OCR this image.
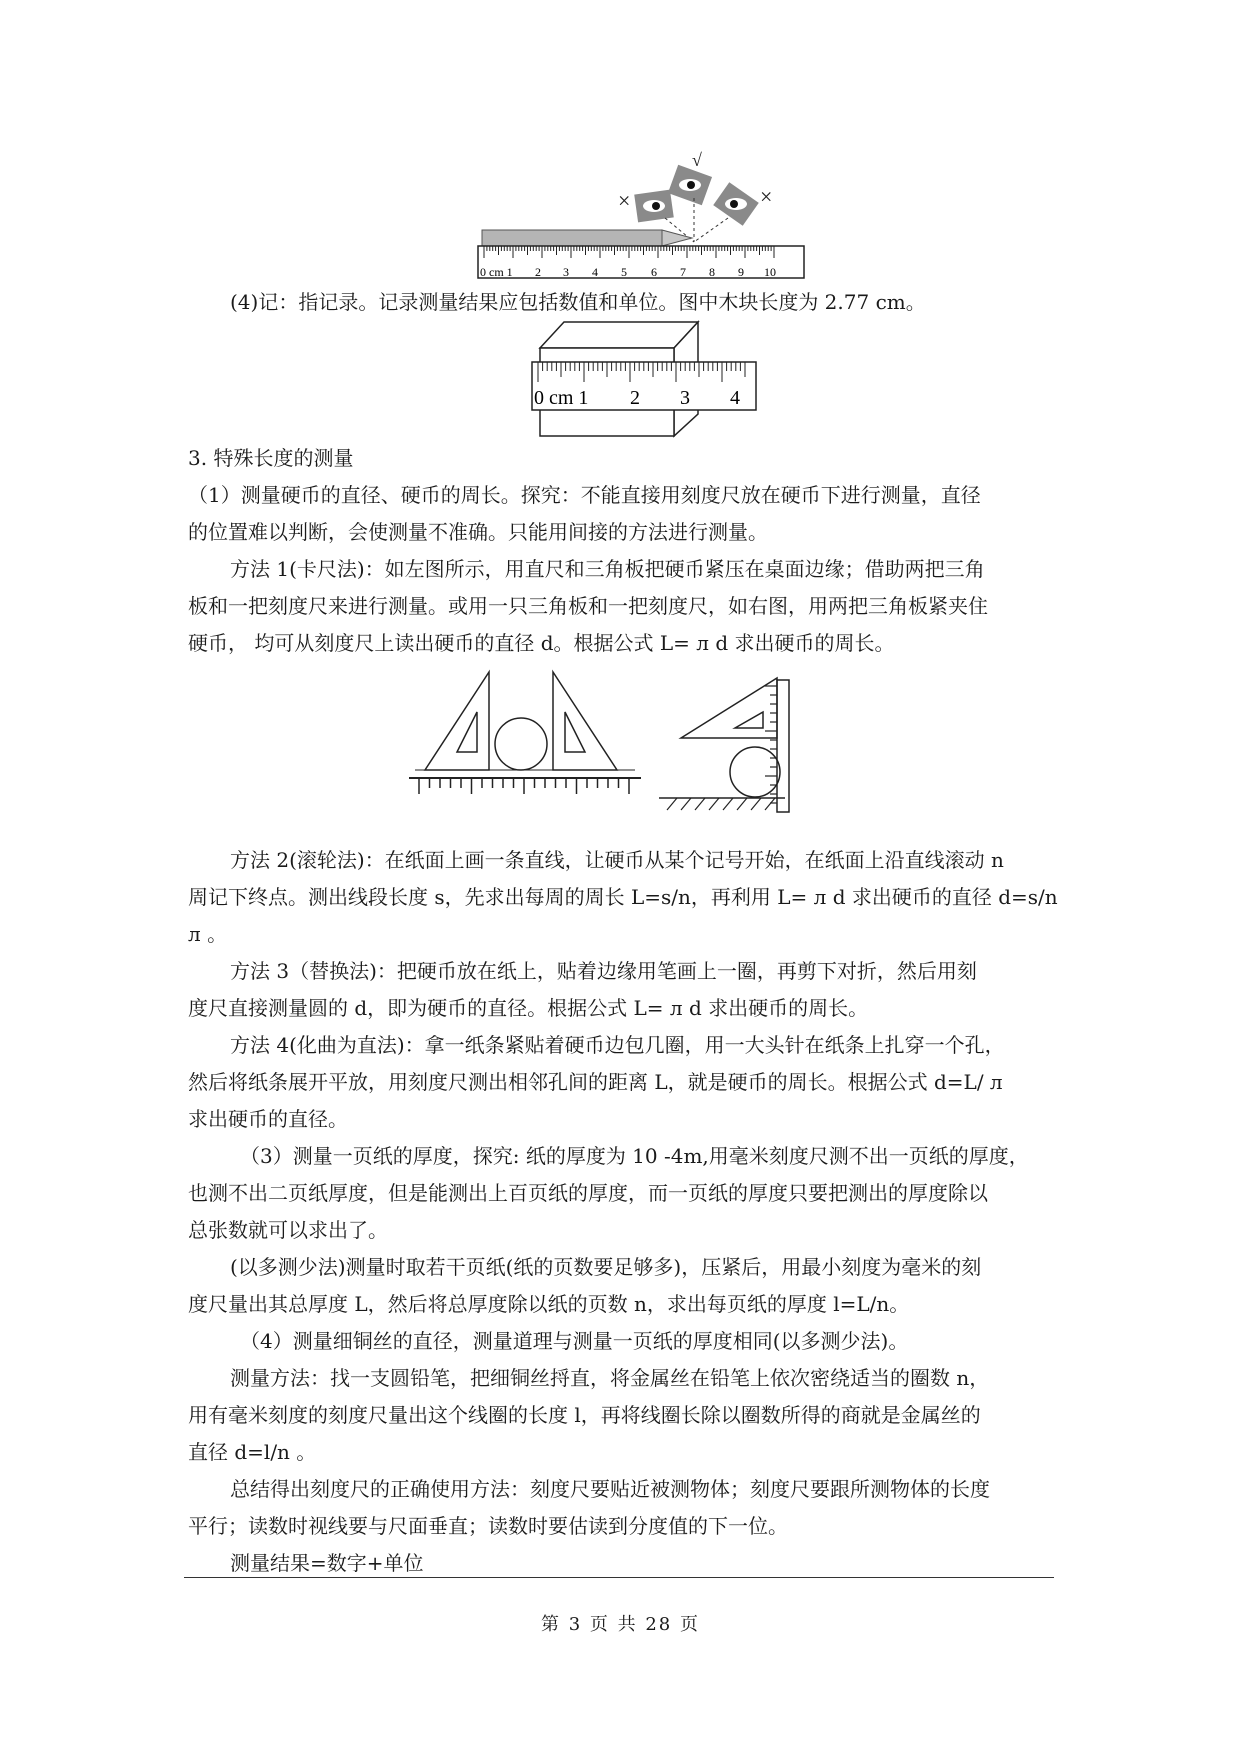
√
×	×
0 cm 1 2 3 4 5 6 7 8 9 10
(4)记：指记录。记录测量结果应包括数值和单位。图中木块长度为 2.77 cm。
0 cm 1 2 3 4
3. 特殊长度的测量
（1）测量硬币的直径、硬币的周长。探究：不能直接用刻度尺放在硬币下进行测量，直径
的位置难以判断，会使测量不准确。只能用间接的方法进行测量。
方法 1(卡尺法)：如左图所示，用直尺和三角板把硬币紧压在桌面边缘；借助两把三角
板和一把刻度尺来进行测量。或用一只三角板和一把刻度尺，如右图，用两把三角板紧夹住
硬币， 均可从刻度尺上读出硬币的直径 d。根据公式 L= л d 求出硬币的周长。
方法 2(滚轮法)：在纸面上画一条直线，让硬币从某个记号开始，在纸面上沿直线滚动 n
周记下终点。测出线段长度 s，先求出每周的周长 L=s/n，再利用 L= л d 求出硬币的直径 d=s/n
л 。
方法 3（替换法)：把硬币放在纸上，贴着边缘用笔画上一圈，再剪下对折，然后用刻
度尺直接测量圆的 d，即为硬币的直径。根据公式 L= л d 求出硬币的周长。
方法 4(化曲为直法)：拿一纸条紧贴着硬币边包几圈，用一大头针在纸条上扎穿一个孔，
然后将纸条展开平放，用刻度尺测出相邻孔间的距离 L，就是硬币的周长。根据公式 d=L/ л
求出硬币的直径。
（3）测量一页纸的厚度，探究: 纸的厚度为 10 -4m,用毫米刻度尺测不出一页纸的厚度，
也测不出二页纸厚度，但是能测出上百页纸的厚度，而一页纸的厚度只要把测出的厚度除以
总张数就可以求出了。
(以多测少法)测量时取若干页纸(纸的页数要足够多)，压紧后，用最小刻度为毫米的刻
度尺量出其总厚度 L，然后将总厚度除以纸的页数 n，求出每页纸的厚度 l=L/n。
（4）测量细铜丝的直径，测量道理与测量一页纸的厚度相同(以多测少法)。
测量方法：找一支圆铅笔，把细铜丝捋直，将金属丝在铅笔上依次密绕适当的圈数 n，
用有毫米刻度的刻度尺量出这个线圈的长度 l，再将线圈长除以圈数所得的商就是金属丝的
直径 d=l/n 。
总结得出刻度尺的正确使用方法：刻度尺要贴近被测物体；刻度尺要跟所测物体的长度
平行；读数时视线要与尺面垂直；读数时要估读到分度值的下一位。
测量结果=数字+单位
第 3 页 共 28 页
